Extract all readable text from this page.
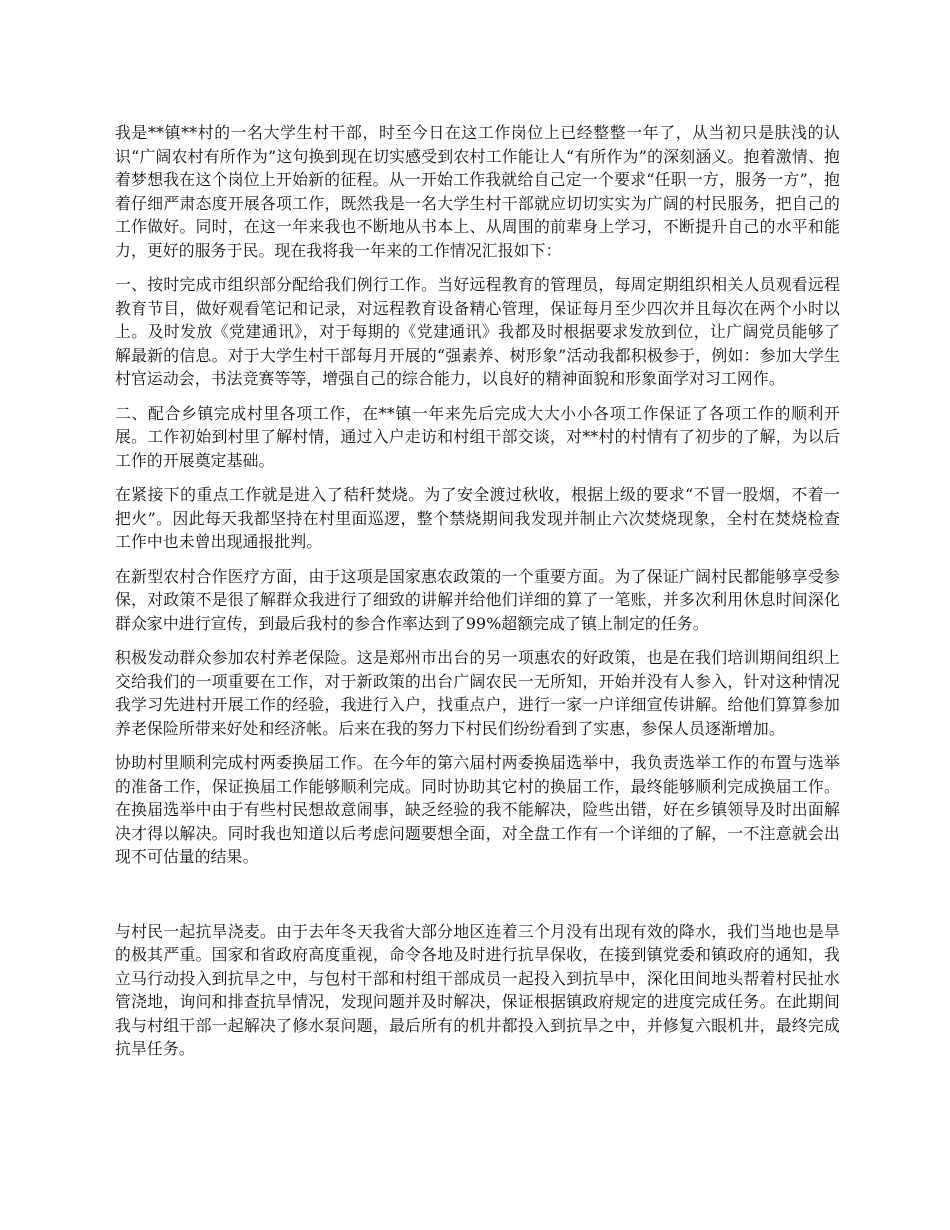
我是**镇**村的一名大学生村干部，时至今日在这工作岗位上已经整整一年了，从当初只是肤浅的认识“广阔农村有所作为”这句换到现在切实感受到农村工作能让人“有所作为”的深刻涵义。抱着激情、抱着梦想我在这个岗位上开始新的征程。从一开始工作我就给自己定一个要求“任职一方，服务一方”，抱着仔细严肃态度开展各项工作，既然我是一名大学生村干部就应切切实实为广阔的村民服务，把自己的工作做好。同时，在这一年来我也不断地从书本上、从周围的前辈身上学习，不断提升自己的水平和能力，更好的服务于民。现在我将我一年来的工作情况汇报如下：

一、按时完成市组织部分配给我们例行工作。当好远程教育的管理员，每周定期组织相关人员观看远程教育节目，做好观看笔记和记录，对远程教育设备精心管理，保证每月至少四次并且每次在两个小时以上。及时发放《党建通讯》，对于每期的《党建通讯》我都及时根据要求发放到位，让广阔党员能够了解最新的信息。对于大学生村干部每月开展的“强素养、树形象”活动我都积极参于，例如：参加大学生村官运动会，书法竞赛等等，增强自己的综合能力，以良好的精神面貌和形象面学对习工网作。

二、配合乡镇完成村里各项工作，在**镇一年来先后完成大大小小各项工作保证了各项工作的顺利开展。工作初始到村里了解村情，通过入户走访和村组干部交谈，对**村的村情有了初步的了解，为以后工作的开展奠定基础。

在紧接下的重点工作就是进入了秸秆焚烧。为了安全渡过秋收，根据上级的要求“不冒一股烟，不着一把火”。因此每天我都坚持在村里面巡逻，整个禁烧期间我发现并制止六次焚烧现象，全村在焚烧检查工作中也未曾出现通报批判。

在新型农村合作医疗方面，由于这项是国家惠农政策的一个重要方面。为了保证广阔村民都能够享受参保，对政策不是很了解群众我进行了细致的讲解并给他们详细的算了一笔账，并多次利用休息时间深化群众家中进行宣传，到最后我村的参合作率达到了99%超额完成了镇上制定的任务。

积极发动群众参加农村养老保险。这是郑州市出台的另一项惠农的好政策，也是在我们培训期间组织上交给我们的一项重要在工作，对于新政策的出台广阔农民一无所知，开始并没有人参入，针对这种情况我学习先进村开展工作的经验，我进行入户，找重点户，进行一家一户详细宣传讲解。给他们算算参加养老保险所带来好处和经济帐。后来在我的努力下村民们纷纷看到了实惠，参保人员逐渐增加。

协助村里顺利完成村两委换届工作。在今年的第六届村两委换届选举中，我负责选举工作的布置与选举的准备工作，保证换届工作能够顺利完成。同时协助其它村的换届工作，最终能够顺利完成换届工作。在换届选举中由于有些村民想故意闹事，缺乏经验的我不能解决，险些出错，好在乡镇领导及时出面解决才得以解决。同时我也知道以后考虑问题要想全面，对全盘工作有一个详细的了解，一不注意就会出现不可估量的结果。

与村民一起抗旱浇麦。由于去年冬天我省大部分地区连着三个月没有出现有效的降水，我们当地也是旱的极其严重。国家和省政府高度重视，命令各地及时进行抗旱保收，在接到镇党委和镇政府的通知，我立马行动投入到抗旱之中，与包村干部和村组干部成员一起投入到抗旱中，深化田间地头帮着村民扯水管浇地，询问和排查抗旱情况，发现问题并及时解决，保证根据镇政府规定的进度完成任务。在此期间我与村组干部一起解决了修水泵问题，最后所有的机井都投入到抗旱之中，并修复六眼机井，最终完成抗旱任务。
